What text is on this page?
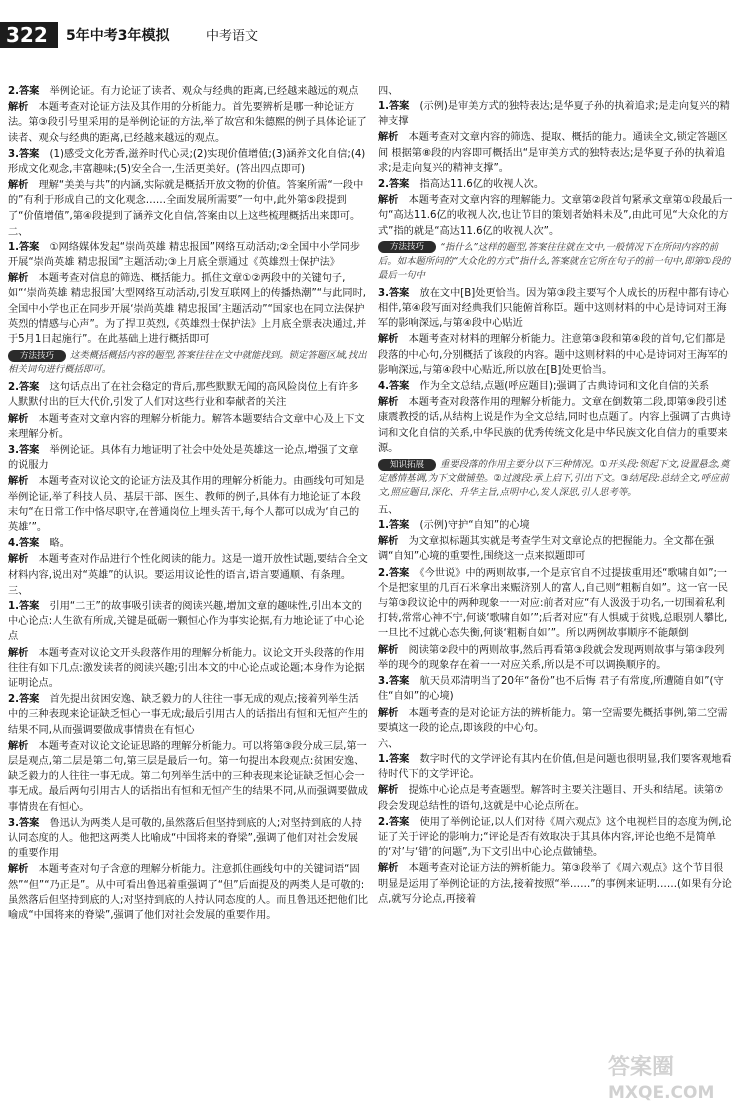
322 5年中考3年模拟	中考语文
2.答案　 举例论证。有力论证了读者、观众与经典的距离,已经越来越远的观点
解析　 本题考查对论证方法及其作用的分析能力。首先要辨析是哪一种论证方法。第③段引号里采用的是举例论证的方法,举了故宫和朱德熙的例子具体论证了读者、观众与经典的距离,已经越来越远的观点。
3.答案　 (1)感受文化芳香,滋养时代心灵;(2)实现价值增值;(3)涵养文化自信;(4)形成文化观念,丰富趣味;(5)安全合一,生活更美好。(答出四点即可)
解析　 理解“美美与共”的内涵,实际就是概括开放文物的价值。答案所需“一段中的”有利于形成自己的文化观念……全面发展所需要”一句中,此外第⑤段提到了“价值增值”,第④段提到了涵养文化自信,答案由以上这些梳理概括出来即可。
二、
1.答案　 ①网络媒体发起“崇尚英雄 精忠报国”网络互动活动;②全国中小学同步开展“崇尚英雄 精忠报国”主题活动;③上月底全票通过《英雄烈士保护法》
解析　 本题考查对信息的筛选、概括能力。抓住文章①②两段中的关键句子,如“‘崇尚英雄 精忠报国’大型网络互动活动,引发互联网上的传播热潮”“与此同时,全国中小学也正在同步开展‘崇尚英雄 精忠报国’主题活动”“国家也在同立法保护英烈的情感与心声”。为了捍卫英烈,《英雄烈士保护法》上月底全票表决通过,并于5月1日起施行”。在此基础上进行概括即可
方法技巧 这类概括概括内容的题型,答案往往在文中就能找到。锁定答题区域,找出相关词句进行概括即可。
2.答案　 这句话点出了在社会稳定的背后,那些默默无闻的高风险岗位上有许多人默默付出的巨大代价,引发了人们对这些行业和奉献者的关注
解析　 本题考查对文章内容的理解分析能力。解答本题要结合文章中心及上下文来理解分析。
3.答案　 举例论证。具体有力地证明了社会中处处是英雄这一论点,增强了文章的说服力
解析　 本题考查对议论文的论证方法及其作用的理解分析能力。由画线句可知是举例论证,举了科技人员、基层干部、医生、教师的例子,具体有力地论证了本段末句“在日常工作中恪尽职守,在普通岗位上埋头苦干,每个人都可以成为‘自己的英雄’”。
4.答案　 略。
解析　 本题考查对作品进行个性化阅读的能力。这是一道开放性试题,要结合全文材料内容,说出对“英雄”的认识。要运用议论性的语言,语言要通顺、有条理。
三、
1.答案　 引用“二王”的故事吸引读者的阅读兴趣,增加文章的趣味性,引出本文的中心论点:人生欲有所成,关键是砥砺一颗恒心作为事实论据,有力地论证了中心论点
解析　 本题考查对议论文开头段落作用的理解分析能力。议论文开头段落的作用往往有如下几点:激发读者的阅读兴趣;引出本文的中心论点或论题;本身作为论据证明论点。
2.答案　 首先提出贫困安逸、缺乏毅力的人往往一事无成的观点;接着列举生活中的三种表现来论证缺乏恒心一事无成;最后引用古人的话指出有恒和无恒产生的结果不同,从而强调要做成事情贵在有恒心
解析　 本题考查对议论文论证思路的理解分析能力。可以将第③段分成三层,第一层是观点,第二层是第二句,第三层是最后一句。第一句提出本段观点:贫困安逸、缺乏毅力的人往往一事无成。第二句列举生活中的三种表现来论证缺乏恒心会一事无成。最后两句引用古人的话指出有恒和无恒产生的结果不同,从而强调要做成事情贵在有恒心。
3.答案　 鲁迅认为两类人是可敬的,虽然落后但坚持到底的人;对坚持到底的人持认同态度的人。他把这两类人比喻成“中国将来的脊梁”,强调了他们对社会发展的重要作用
解析　 本题考查对句子含意的理解分析能力。注意抓住画线句中的关键词语“固然”“但”“乃正是”。从中可看出鲁迅着重强调了“但”后面提及的两类人是可敬的:虽然落后但坚持到底的人;对坚持到底的人持认同态度的人。而且鲁迅还把他们比喻成“中国将来的脊梁”,强调了他们对社会发展的重要作用。
四、
1.答案　 (示例)是审美方式的独特表达;是华夏子孙的执着追求;是走向复兴的精神支撑
解析　 本题考查对文章内容的筛选、提取、概括的能力。通读全文,锁定答题区间 根据第⑧段的内容即可概括出“是审美方式的独特表达;是华夏子孙的执着追求;是走向复兴的精神支撑”。
2.答案　 指高达11.6亿的收视人次。
解析　 本题考查对文章内容的理解能力。文章第②段首句紧承文章第①段最后一句“高达11.6亿的收视人次,也让节目的策划者始料未及”,由此可见“大众化的方式”指的就是“高达11.6亿的收视人次”。
方法技巧 “指什么”这样的题型,答案往往就在文中,一般情况下在所问内容的前后。如本题所问的“大众化的方式”指什么,答案就在它所在句子的前一句中,即第①段的最后一句中
3.答案　 放在文中[B]处更恰当。因为第③段主要写个人成长的历程中都有诗心相伴,第④段写面对经典我们只能俯首称臣。题中这则材料的中心是诗词对王海军的影响深远,与第④段中心贴近
解析　 本题考查对材料的理解分析能力。注意第③段和第④段的首句,它们都是段落的中心句,分别概括了该段的内容。题中这则材料的中心是诗词对王海军的影响深远,与第④段中心贴近,所以放在[B]处更恰当。
4.答案　 作为全文总结,点题(呼应题目);强调了古典诗词和文化自信的关系
解析　 本题考查对段落作用的理解分析能力。文章在倒数第二段,即第⑨段引述康震教授的话,从结构上说是作为全文总结,同时也点题了。内容上强调了古典诗词和文化自信的关系,中华民族的优秀传统文化是中华民族文化自信力的重要来源。
知识拓展 重要段落的作用主要分以下三种情况。①开头段:领起下文,设置悬念,奠定感情基调,为下文做铺垫。②过渡段:承上启下,引出下文。③结尾段:总结全文,呼应前文,照应题目,深化、升华主旨,点明中心,发人深思,引人思考等。
五、
1.答案　 (示例)守护“自知”的心境
解析　 为文章拟标题其实就是考查学生对文章论点的把握能力。全文都在强调“自知”心境的重要性,围绕这一点来拟题即可
2.答案　 《今世说》中的两则故事,一个是京官自不过提拔重用还“歌啸自如”;一个是把家里的几百石米拿出来赈济别人的富人,自己则“粗粝自如”。这一官一民与第③段议论中的两种现象一一对应:前者对应“有人汲汲于功名,一切围着私利打转,常常心神不宁,何谈‘歌啸自如’”;后者对应“有人惧威于贫贱,总眼别人攀比,一旦比不过就心态失衡,何谈‘粗粝自如’”。所以两例故事顺序不能颠倒
解析　 阅读第②段中的两则故事,然后再看第③段就会发现两则故事与第③段列举的现今的现象存在着一一对应关系,所以是不可以调换顺序的。
3.答案　 航天员邓清明当了20年“备份”也不后悔 君子有常度,所遭随自如”(守住“自如”的心境)
解析　 本题考查的是对论证方法的辨析能力。第一空需要先概括事例,第二空需要填这一段的论点,即该段的中心句。
六、
1.答案　 数字时代的文学评论有其内在价值,但是问题也很明显,我们要客观地看待时代下的文学评论。
解析　 提炼中心论点是考查题型。解答时主要关注题目、开头和结尾。读第⑦段会发现总结性的语句,这就是中心论点所在。
2.答案　 使用了举例论证,以人们对待《周六观点》这个电视栏目的态度为例,论证了关于评论的影响力;“评论是否有效取决于其具体内容,评论也绝不是简单的‘对’与‘错’的问题”,为下文引出中心论点做铺垫。
解析　 本题考查对论证方法的辨析能力。第③段举了《周六观点》这个节目很明显是运用了举例论证的方法,接着按照“举……”的事例来证明……(如果有分论点,就写分论点,再接着
答案圈
MXQE.COM
